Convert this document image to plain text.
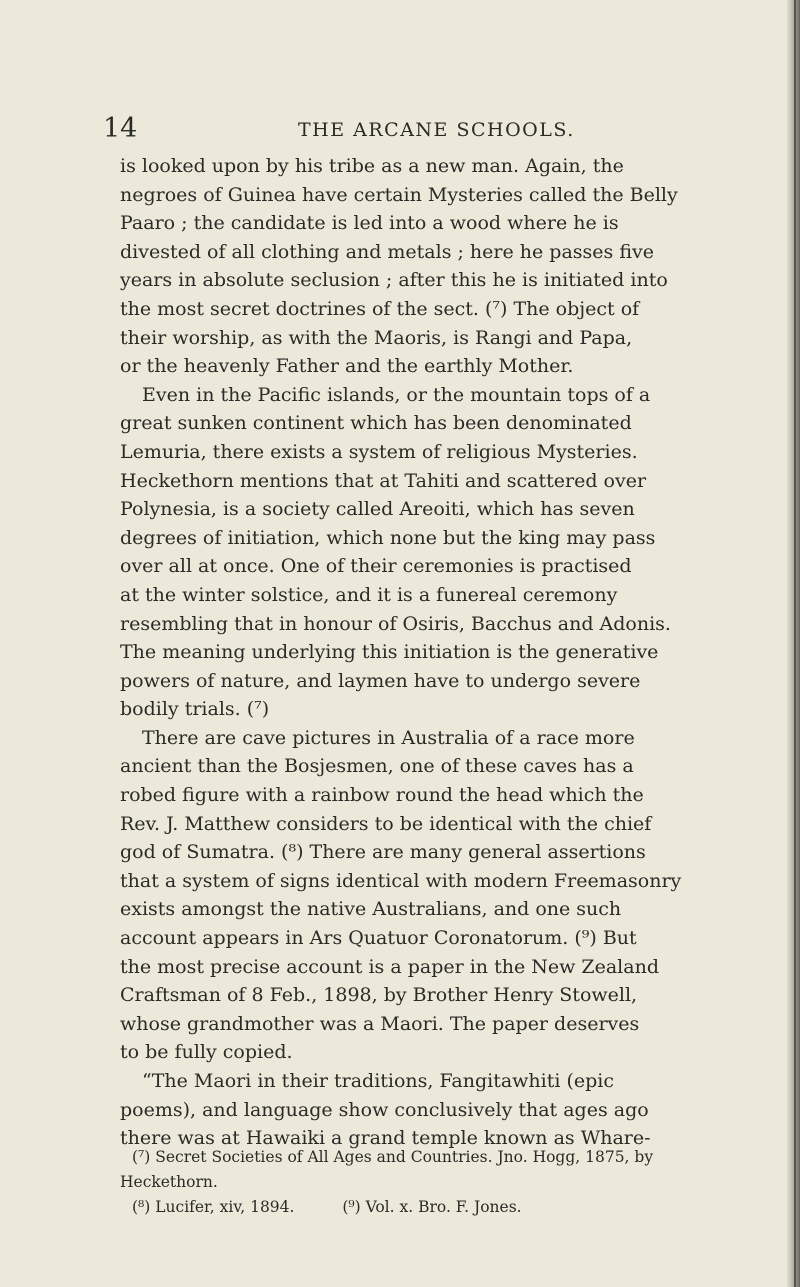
14	THE ARCANE SCHOOLS.

is looked upon by his tribe as a new man. Again, the
negroes of Guinea have certain Mysteries called the Belly
Paaro ; the candidate is led into a wood where he is
divested of all clothing and metals ; here he passes five
years in absolute seclusion ; after this he is initiated into
the most secret doctrines of the sect. (⁷) The object of
their worship, as with the Maoris, is Rangi and Papa,
or the heavenly Father and the earthly Mother.
Even in the Pacific islands, or the mountain tops of a
great sunken continent which has been denominated
Lemuria, there exists a system of religious Mysteries.
Heckethorn mentions that at Tahiti and scattered over
Polynesia, is a society called Areoiti, which has seven
degrees of initiation, which none but the king may pass
over all at once. One of their ceremonies is practised
at the winter solstice, and it is a funereal ceremony
resembling that in honour of Osiris, Bacchus and Adonis.
The meaning underlying this initiation is the generative
powers of nature, and laymen have to undergo severe
bodily trials. (⁷)
There are cave pictures in Australia of a race more
ancient than the Bosjesmen, one of these caves has a
robed figure with a rainbow round the head which the
Rev. J. Matthew considers to be identical with the chief
god of Sumatra. (⁸) There are many general assertions
that a system of signs identical with modern Freemasonry
exists amongst the native Australians, and one such
account appears in Ars Quatuor Coronatorum. (⁹) But
the most precise account is a paper in the New Zealand
Craftsman of 8 Feb., 1898, by Brother Henry Stowell,
whose grandmother was a Maori. The paper deserves
to be fully copied.
“The Maori in their traditions, Fangitawhiti (epic
poems), and language show conclusively that ages ago
there was at Hawaiki a grand temple known as Whare-
(⁷) Secret Societies of All Ages and Countries. Jno. Hogg, 1875, by
Heckethorn.
(⁸) Lucifer, xiv, 1894.	(⁹) Vol. x. Bro. F. Jones.
